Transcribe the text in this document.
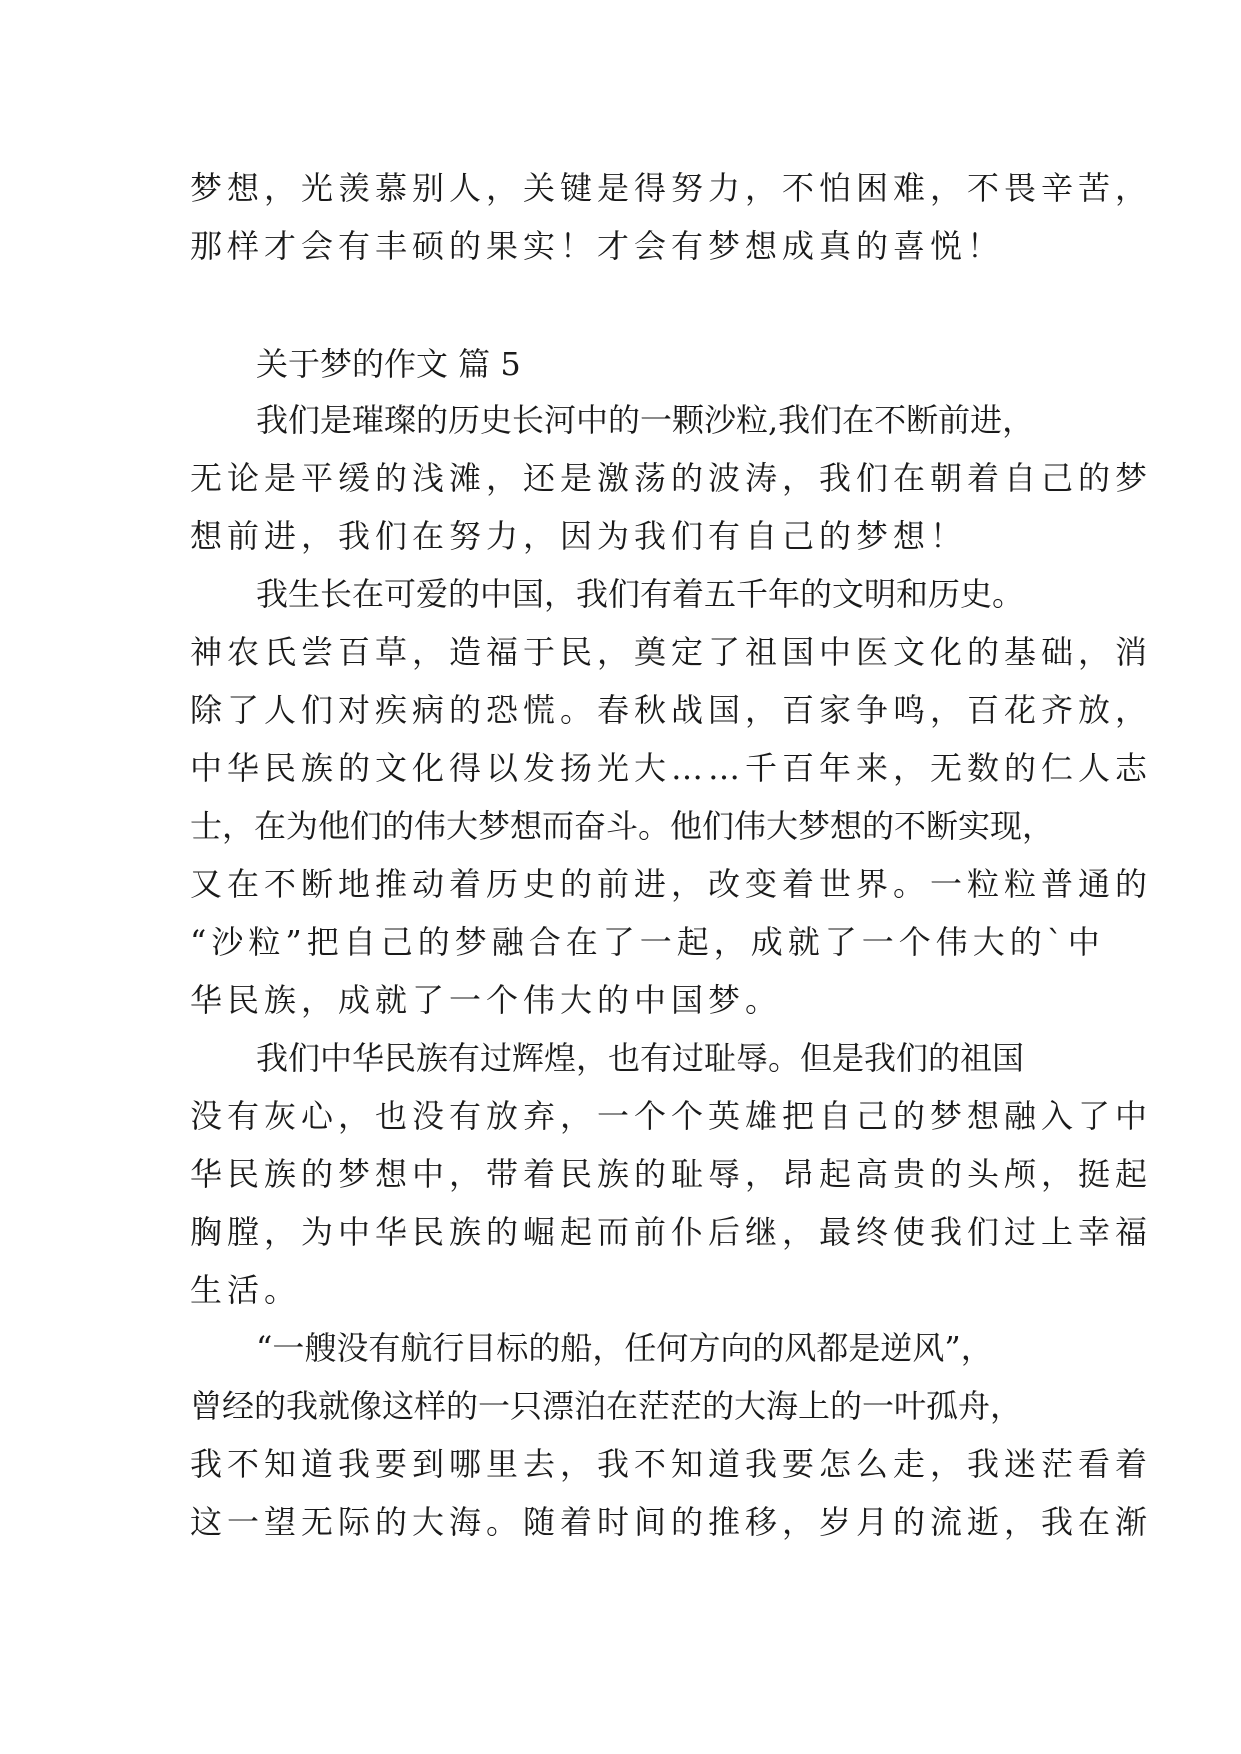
梦想，光羡慕别人，关键是得努力，不怕困难，不畏辛苦，

那样才会有丰硕的果实！才会有梦想成真的喜悦！

关于梦的作文 篇 5

我们是璀璨的历史长河中的一颗沙粒,我们在不断前进，

无论是平缓的浅滩，还是激荡的波涛，我们在朝着自己的梦

想前进，我们在努力，因为我们有自己的梦想！

我生长在可爱的中国，我们有着五千年的文明和历史。

神农氏尝百草，造福于民，奠定了祖国中医文化的基础，消

除了人们对疾病的恐慌。春秋战国，百家争鸣，百花齐放，

中华民族的文化得以发扬光大……千百年来，无数的仁人志

士，在为他们的伟大梦想而奋斗。他们伟大梦想的不断实现，

又在不断地推动着历史的前进，改变着世界。一粒粒普通的

“沙粒”把自己的梦融合在了一起，成就了一个伟大的`中

华民族，成就了一个伟大的中国梦。

我们中华民族有过辉煌，也有过耻辱。但是我们的祖国

没有灰心，也没有放弃，一个个英雄把自己的梦想融入了中

华民族的梦想中，带着民族的耻辱，昂起高贵的头颅，挺起

胸膛，为中华民族的崛起而前仆后继，最终使我们过上幸福

生活。

“一艘没有航行目标的船，任何方向的风都是逆风”，

曾经的我就像这样的一只漂泊在茫茫的大海上的一叶孤舟，

我不知道我要到哪里去，我不知道我要怎么走，我迷茫看着

这一望无际的大海。随着时间的推移，岁月的流逝，我在渐
